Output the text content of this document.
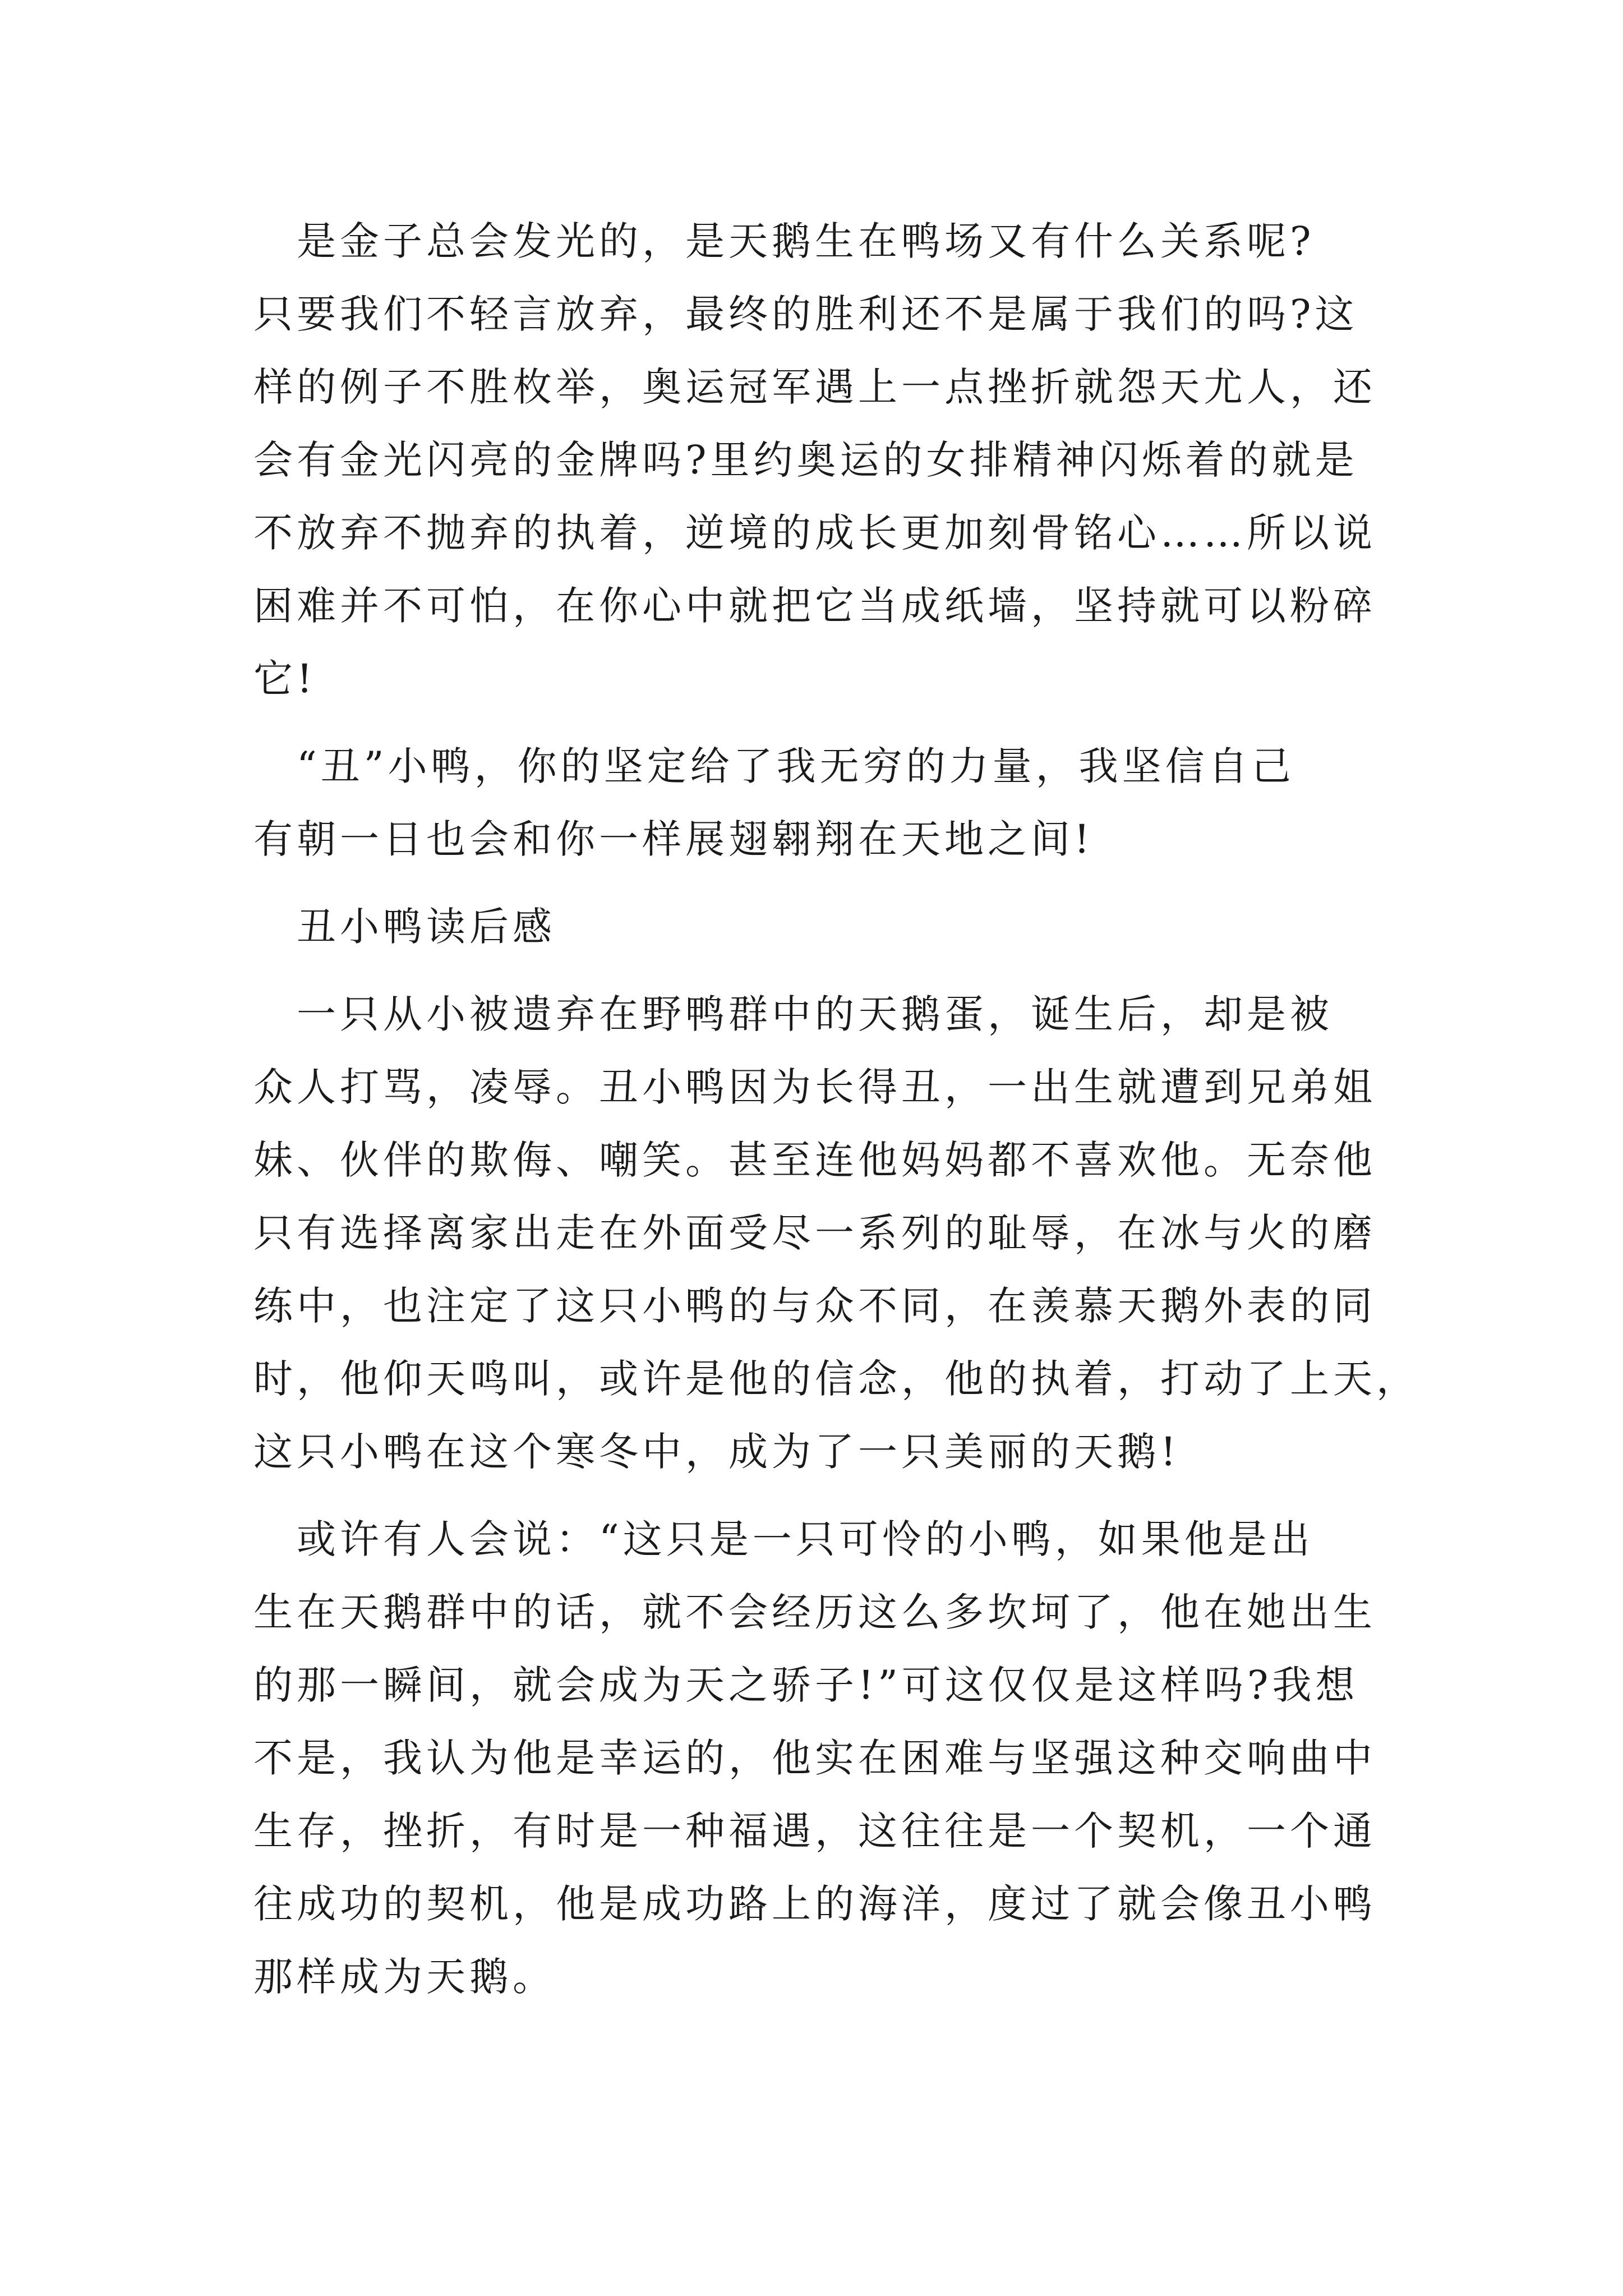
　是金子总会发光的，是天鹅生在鸭场又有什么关系呢?
只要我们不轻言放弃，最终的胜利还不是属于我们的吗?这
样的例子不胜枚举，奥运冠军遇上一点挫折就怨天尤人，还
会有金光闪亮的金牌吗?里约奥运的女排精神闪烁着的就是
不放弃不抛弃的执着，逆境的成长更加刻骨铭心……所以说
困难并不可怕，在你心中就把它当成纸墙，坚持就可以粉碎
它!
　“丑”小鸭，你的坚定给了我无穷的力量，我坚信自己
有朝一日也会和你一样展翅翱翔在天地之间!
　丑小鸭读后感
　一只从小被遗弃在野鸭群中的天鹅蛋，诞生后，却是被
众人打骂，凌辱。丑小鸭因为长得丑，一出生就遭到兄弟姐
妹、伙伴的欺侮、嘲笑。甚至连他妈妈都不喜欢他。无奈他
只有选择离家出走在外面受尽一系列的耻辱，在冰与火的磨
练中，也注定了这只小鸭的与众不同，在羡慕天鹅外表的同
时，他仰天鸣叫，或许是他的信念，他的执着，打动了上天，
这只小鸭在这个寒冬中，成为了一只美丽的天鹅!
　或许有人会说：“这只是一只可怜的小鸭，如果他是出
生在天鹅群中的话，就不会经历这么多坎坷了，他在她出生
的那一瞬间，就会成为天之骄子!”可这仅仅是这样吗?我想
不是，我认为他是幸运的，他实在困难与坚强这种交响曲中
生存，挫折，有时是一种福遇，这往往是一个契机，一个通
往成功的契机，他是成功路上的海洋，度过了就会像丑小鸭
那样成为天鹅。
